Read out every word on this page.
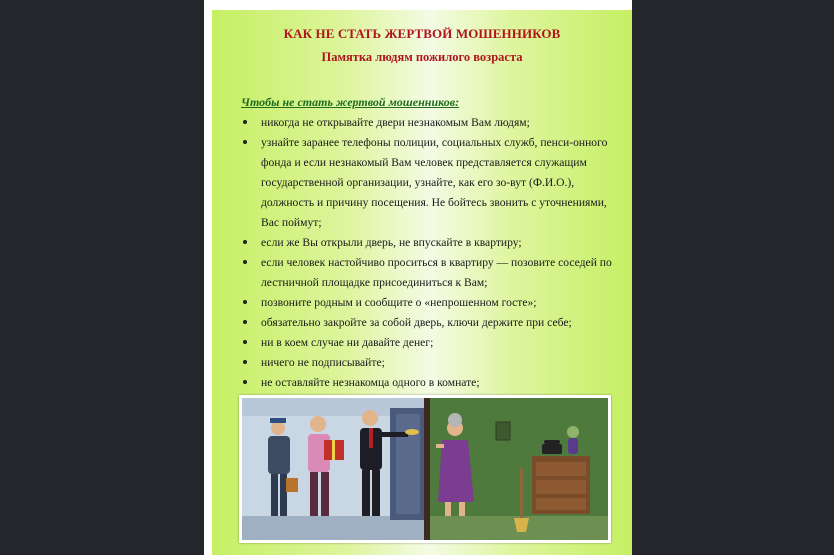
КАК НЕ СТАТЬ ЖЕРТВОЙ МОШЕННИКОВ
Памятка людям пожилого возраста
Чтобы не стать жертвой мошенников:
никогда не открывайте двери незнакомым Вам людям;
узнайте заранее телефоны полиции, социальных служб, пенси-онного фонда и если незнакомый Вам человек представляется служащим государственной организации, узнайте, как его зо-вут (Ф.И.О.), должность и причину посещения. Не бойтесь звонить с уточнениями, Вас поймут;
если же Вы открыли дверь, не впускайте в квартиру;
если человек настойчиво проситься в квартиру — позовите соседей по лестничной площадке присоединиться к Вам;
позвоните родным и сообщите о «непрошенном госте»;
обязательно закройте за собой дверь, ключи держите при себе;
ни в коем случае ни давайте денег;
ничего не подписывайте;
не оставляйте незнакомца одного в комнате;
